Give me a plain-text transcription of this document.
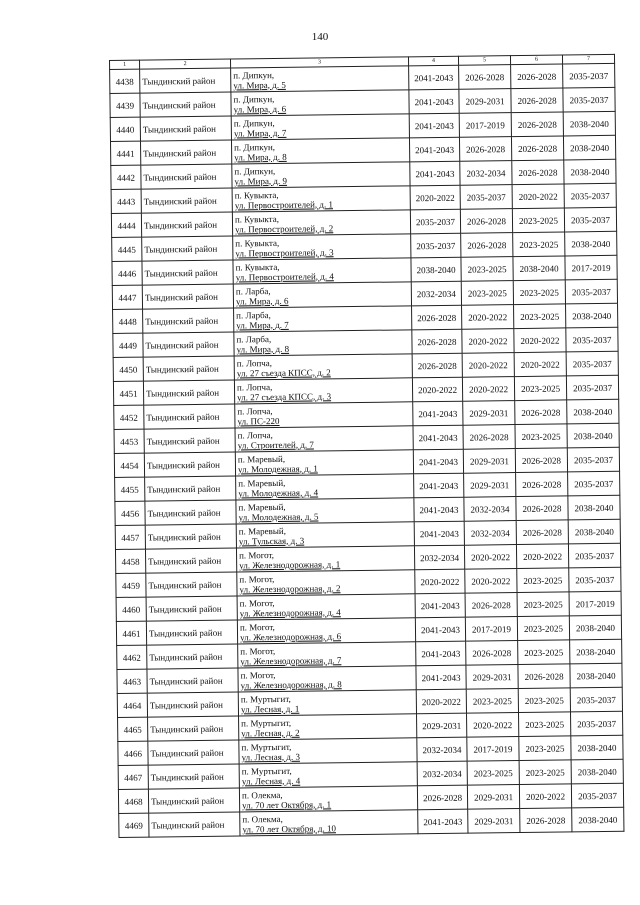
140
1	2	3	4	5	6	7
4438	Тындинский район	п. Дипкун,
ул. Мира, д. 5	2041-2043	2026-2028	2026-2028	2035-2037
4439	Тындинский район	п. Дипкун,
ул. Мира, д. 6	2041-2043	2029-2031	2026-2028	2035-2037
4440	Тындинский район	п. Дипкун,
ул. Мира, д. 7	2041-2043	2017-2019	2026-2028	2038-2040
4441	Тындинский район	п. Дипкун,
ул. Мира, д. 8	2041-2043	2026-2028	2026-2028	2038-2040
4442	Тындинский район	п. Дипкун,
ул. Мира, д. 9	2041-2043	2032-2034	2026-2028	2038-2040
4443	Тындинский район	п. Кувыкта,
ул. Первостроителей, д. 1	2020-2022	2035-2037	2020-2022	2035-2037
4444	Тындинский район	п. Кувыкта,
ул. Первостроителей, д. 2	2035-2037	2026-2028	2023-2025	2035-2037
4445	Тындинский район	п. Кувыкта,
ул. Первостроителей, д. 3	2035-2037	2026-2028	2023-2025	2038-2040
4446	Тындинский район	п. Кувыкта,
ул. Первостроителей, д. 4	2038-2040	2023-2025	2038-2040	2017-2019
4447	Тындинский район	п. Ларба,
ул. Мира, д. 6	2032-2034	2023-2025	2023-2025	2035-2037
4448	Тындинский район	п. Ларба,
ул. Мира, д. 7	2026-2028	2020-2022	2023-2025	2038-2040
4449	Тындинский район	п. Ларба,
ул. Мира, д. 8	2026-2028	2020-2022	2020-2022	2035-2037
4450	Тындинский район	п. Лопча,
ул. 27 съезда КПСС, д. 2	2026-2028	2020-2022	2020-2022	2035-2037
4451	Тындинский район	п. Лопча,
ул. 27 съезда КПСС, д. 3	2020-2022	2020-2022	2023-2025	2035-2037
4452	Тындинский район	п. Лопча,
ул. ПС-220	2041-2043	2029-2031	2026-2028	2038-2040
4453	Тындинский район	п. Лопча,
ул. Строителей, д. 7	2041-2043	2026-2028	2023-2025	2038-2040
4454	Тындинский район	п. Маревый,
ул. Молодежная, д. 1	2041-2043	2029-2031	2026-2028	2035-2037
4455	Тындинский район	п. Маревый,
ул. Молодежная, д. 4	2041-2043	2029-2031	2026-2028	2035-2037
4456	Тындинский район	п. Маревый,
ул. Молодежная, д. 5	2041-2043	2032-2034	2026-2028	2038-2040
4457	Тындинский район	п. Маревый,
ул. Тульская, д. 3	2041-2043	2032-2034	2026-2028	2038-2040
4458	Тындинский район	п. Могот,
ул. Железнодорожная, д. 1	2032-2034	2020-2022	2020-2022	2035-2037
4459	Тындинский район	п. Могот,
ул. Железнодорожная, д. 2	2020-2022	2020-2022	2023-2025	2035-2037
4460	Тындинский район	п. Могот,
ул. Железнодорожная, д. 4	2041-2043	2026-2028	2023-2025	2017-2019
4461	Тындинский район	п. Могот,
ул. Железнодорожная, д. 6	2041-2043	2017-2019	2023-2025	2038-2040
4462	Тындинский район	п. Могот,
ул. Железнодорожная, д. 7	2041-2043	2026-2028	2023-2025	2038-2040
4463	Тындинский район	п. Могот,
ул. Железнодорожная, д. 8	2041-2043	2029-2031	2026-2028	2038-2040
4464	Тындинский район	п. Муртыгит,
ул. Лесная, д. 1	2020-2022	2023-2025	2023-2025	2035-2037
4465	Тындинский район	п. Муртыгит,
ул. Лесная, д. 2	2029-2031	2020-2022	2023-2025	2035-2037
4466	Тындинский район	п. Муртыгит,
ул. Лесная, д. 3	2032-2034	2017-2019	2023-2025	2038-2040
4467	Тындинский район	п. Муртыгит,
ул. Лесная, д. 4	2032-2034	2023-2025	2023-2025	2038-2040
4468	Тындинский район	п. Олекма,
ул. 70 лет Октября, д. 1	2026-2028	2029-2031	2020-2022	2035-2037
4469	Тындинский район	п. Олекма,
ул. 70 лет Октября, д. 10	2041-2043	2029-2031	2026-2028	2038-2040
